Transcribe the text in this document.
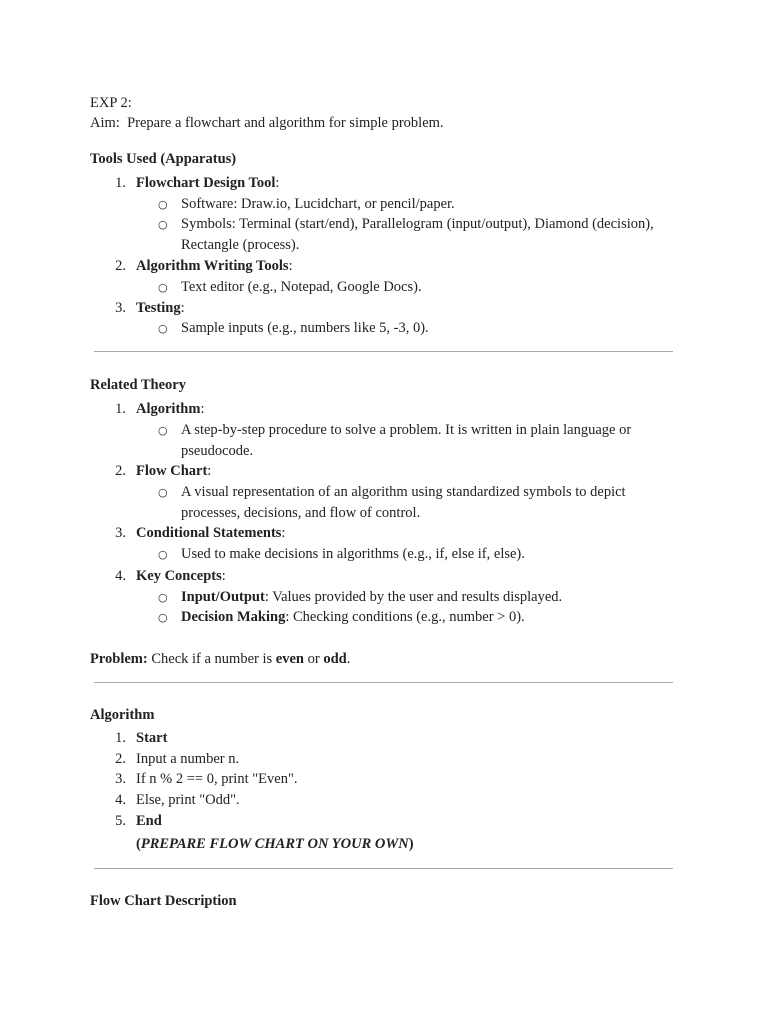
EXP 2:
Aim: Prepare a flowchart and algorithm for simple problem.
Tools Used (Apparatus)
1. Flowchart Design Tool:
○ Software: Draw.io, Lucidchart, or pencil/paper.
○ Symbols: Terminal (start/end), Parallelogram (input/output), Diamond (decision),
Rectangle (process).
2. Algorithm Writing Tools:
○ Text editor (e.g., Notepad, Google Docs).
3. Testing:
○ Sample inputs (e.g., numbers like 5, -3, 0).
Related Theory
1. Algorithm:
○ A step-by-step procedure to solve a problem. It is written in plain language or
pseudocode.
2. Flow Chart:
○ A visual representation of an algorithm using standardized symbols to depict
processes, decisions, and flow of control.
3. Conditional Statements:
○ Used to make decisions in algorithms (e.g., if, else if, else).
4. Key Concepts:
○ Input/Output: Values provided by the user and results displayed.
○ Decision Making: Checking conditions (e.g., number > 0).
Problem: Check if a number is even or odd.
Algorithm
1. Start
2. Input a number n.
3. If n % 2 == 0, print "Even".
4. Else, print "Odd".
5. End
(PREPARE FLOW CHART ON YOUR OWN)
Flow Chart Description
